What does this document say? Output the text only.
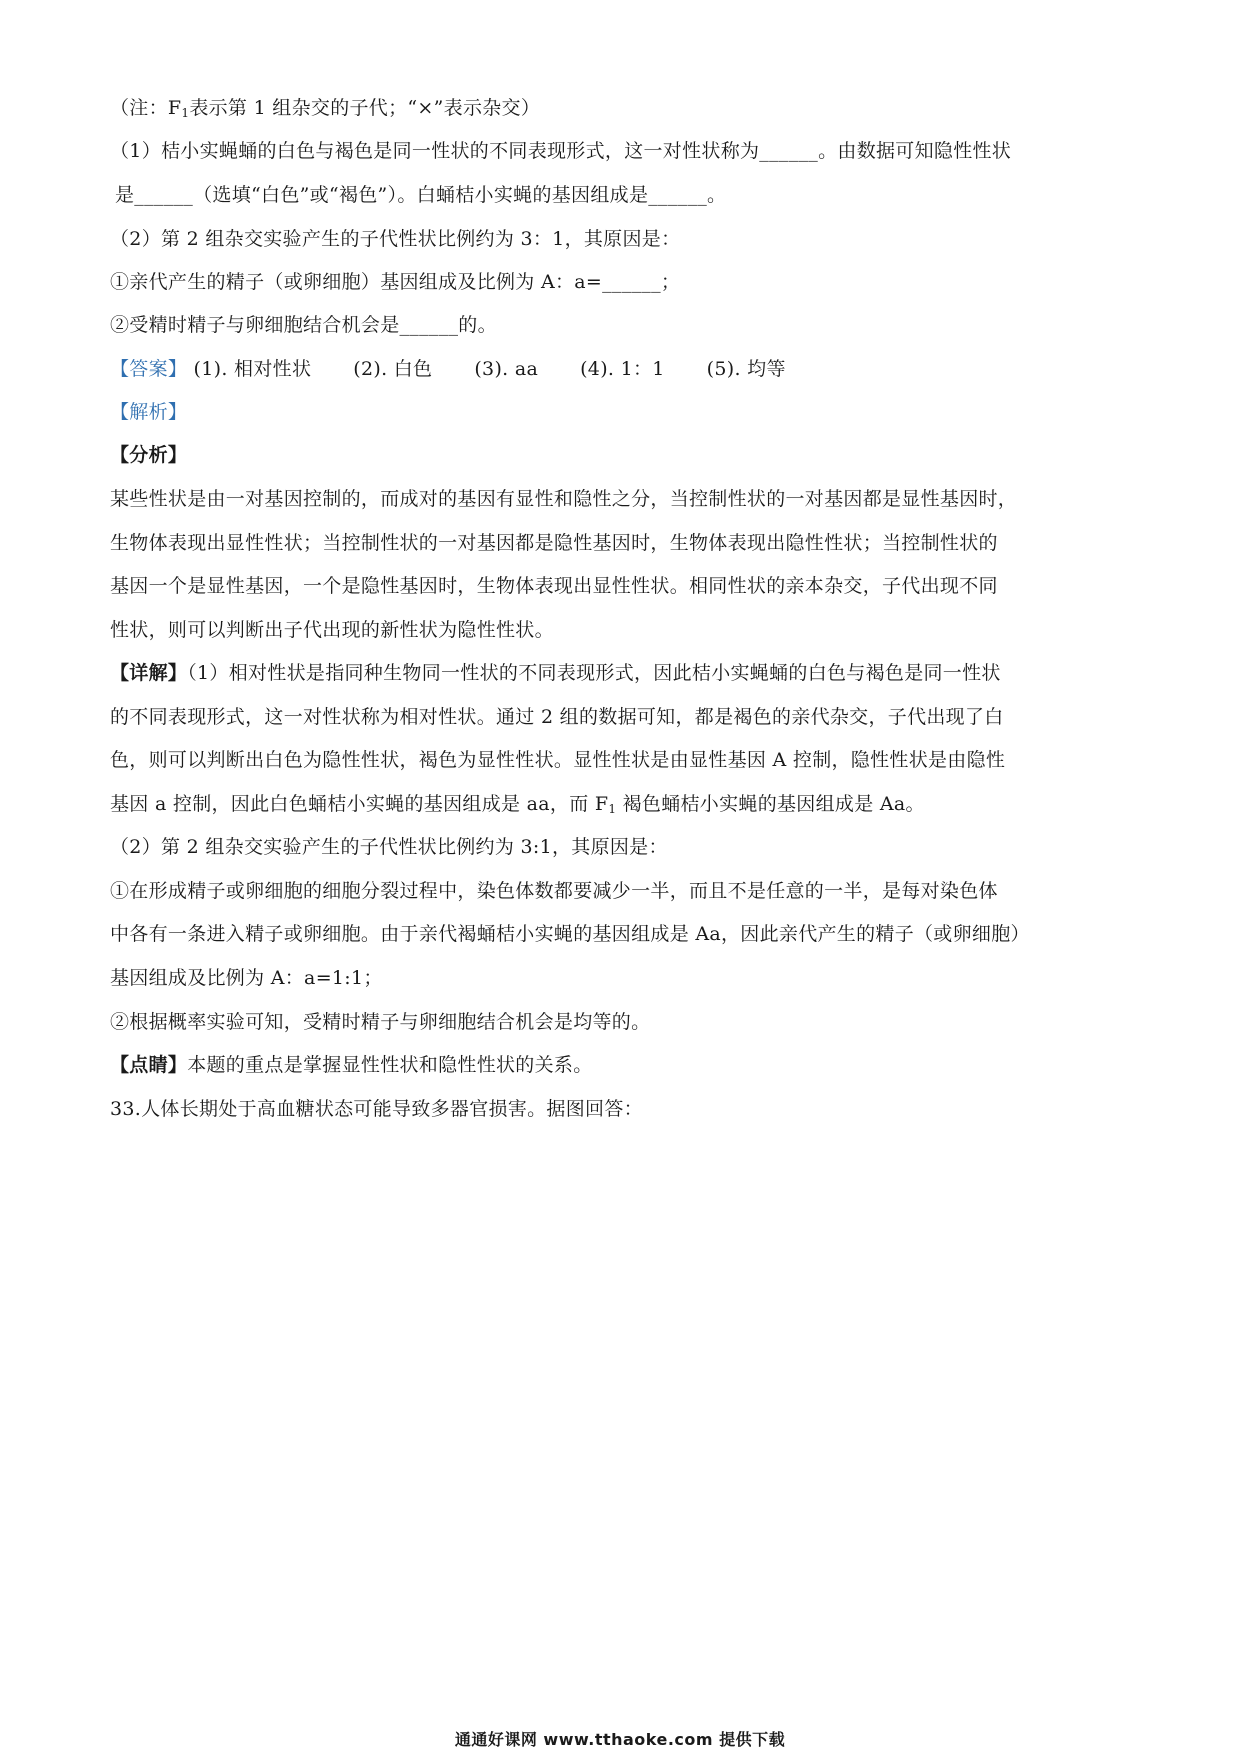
（注：$F_1$表示第 1 组杂交的子代；“×”表示杂交）
（1）桔小实蝇蛹的白色与褐色是同一性状的不同表现形式，这一对性状称为______。由数据可知隐性性状
是______（选填“白色”或“褐色”）。白蛹桔小实蝇的基因组成是______。
（2）第 2 组杂交实验产生的子代性状比例约为 3：1，其原因是：
①亲代产生的精子（或卵细胞）基因组成及比例为 A：a=______；
②受精时精子与卵细胞结合机会是______的。
【答案】 (1). 相对性状 (2). 白色 (3). aa (4). 1：1 (5). 均等
【解析】
【分析】
某些性状是由一对基因控制的，而成对的基因有显性和隐性之分，当控制性状的一对基因都是显性基因时，
生物体表现出显性性状；当控制性状的一对基因都是隐性基因时，生物体表现出隐性性状；当控制性状的
基因一个是显性基因，一个是隐性基因时，生物体表现出显性性状。相同性状的亲本杂交，子代出现不同
性状，则可以判断出子代出现的新性状为隐性性状。
【详解】（1）相对性状是指同种生物同一性状的不同表现形式，因此桔小实蝇蛹的白色与褐色是同一性状
的不同表现形式，这一对性状称为相对性状。通过 2 组的数据可知，都是褐色的亲代杂交，子代出现了白
色，则可以判断出白色为隐性性状，褐色为显性性状。显性性状是由显性基因 A 控制，隐性性状是由隐性
基因 a 控制，因此白色蛹桔小实蝇的基因组成是 aa，而 $F_1$ 褐色蛹桔小实蝇的基因组成是 Aa。
（2）第 2 组杂交实验产生的子代性状比例约为 3:1，其原因是：
①在形成精子或卵细胞的细胞分裂过程中，染色体数都要减少一半，而且不是任意的一半，是每对染色体
中各有一条进入精子或卵细胞。由于亲代褐蛹桔小实蝇的基因组成是 Aa，因此亲代产生的精子（或卵细胞）
基因组成及比例为 A：a=1:1；
②根据概率实验可知，受精时精子与卵细胞结合机会是均等的。
【点睛】本题的重点是掌握显性性状和隐性性状的关系。
33.人体长期处于高血糖状态可能导致多器官损害。据图回答：
通通好课网 www.tthaoke.com 提供下载
